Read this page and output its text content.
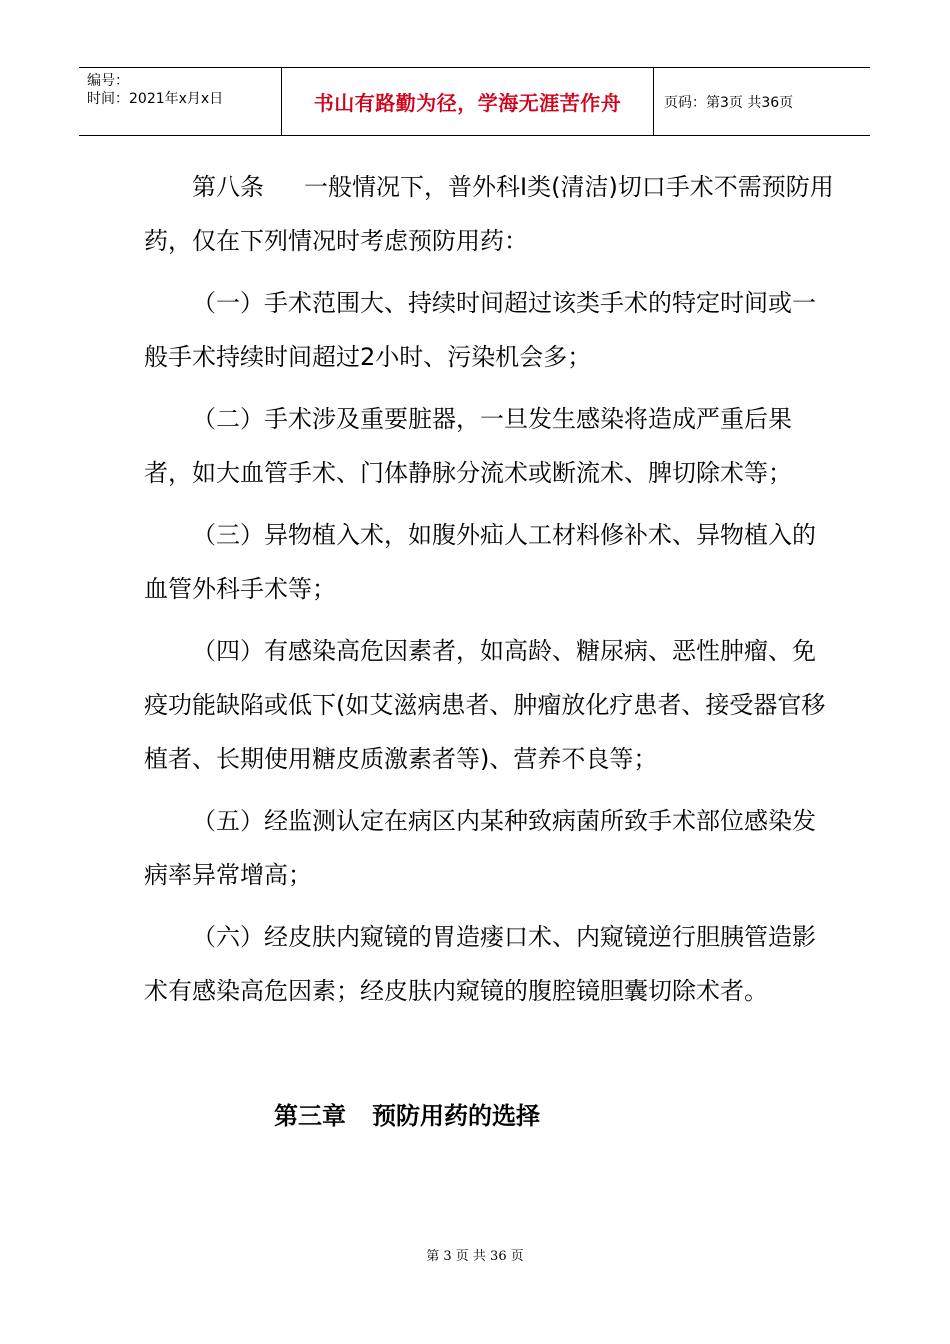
编号：
时间：2021年x月x日	书山有路勤为径，学海无涯苦作舟	页码：第3页 共36页

第八条 一般情况下，普外科Ⅰ类(清洁)切口手术不需预防用药，仅在下列情况时考虑预防用药：

（一）手术范围大、持续时间超过该类手术的特定时间或一般手术持续时间超过2小时、污染机会多；

（二）手术涉及重要脏器，一旦发生感染将造成严重后果者，如大血管手术、门体静脉分流术或断流术、脾切除术等；

（三）异物植入术，如腹外疝人工材料修补术、异物植入的血管外科手术等；

（四）有感染高危因素者，如高龄、糖尿病、恶性肿瘤、免疫功能缺陷或低下(如艾滋病患者、肿瘤放化疗患者、接受器官移植者、长期使用糖皮质激素者等)、营养不良等；

（五）经监测认定在病区内某种致病菌所致手术部位感染发病率异常增高；

（六）经皮肤内窥镜的胃造瘘口术、内窥镜逆行胆胰管造影术有感染高危因素；经皮肤内窥镜的腹腔镜胆囊切除术者。

第三章 预防用药的选择
第 3 页 共 36 页
